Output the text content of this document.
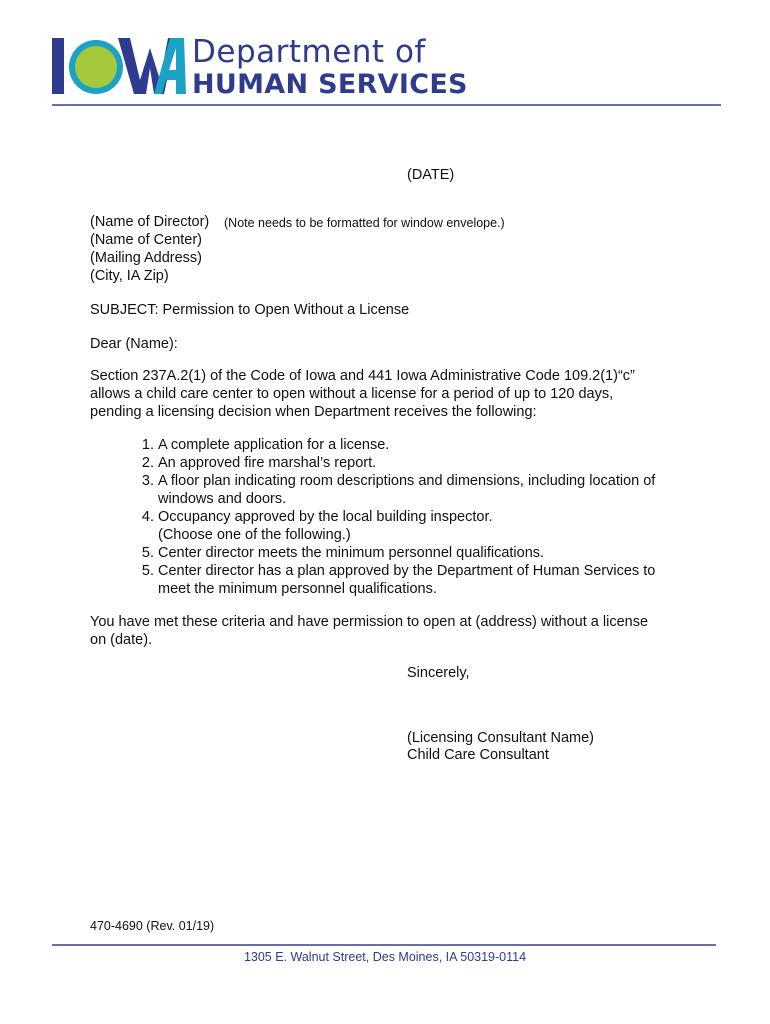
Department of
HUMAN SERVICES
(DATE)
(Name of Director) (Note needs to be formatted for window envelope.)
(Name of Center)
(Mailing Address)
(City, IA Zip)
SUBJECT: Permission to Open Without a License
Dear (Name):
Section 237A.2(1) of the Code of Iowa and 441 Iowa Administrative Code 109.2(1)“c”
allows a child care center to open without a license for a period of up to 120 days,
pending a licensing decision when Department receives the following:
1. A complete application for a license.
2. An approved fire marshal’s report.
3. A floor plan indicating room descriptions and dimensions, including location of
windows and doors.
4. Occupancy approved by the local building inspector.
(Choose one of the following.)
5. Center director meets the minimum personnel qualifications.
5. Center director has a plan approved by the Department of Human Services to
meet the minimum personnel qualifications.
You have met these criteria and have permission to open at (address) without a license
on (date).
Sincerely,
(Licensing Consultant Name)
Child Care Consultant
470-4690 (Rev. 01/19)
1305 E. Walnut Street, Des Moines, IA 50319-0114
